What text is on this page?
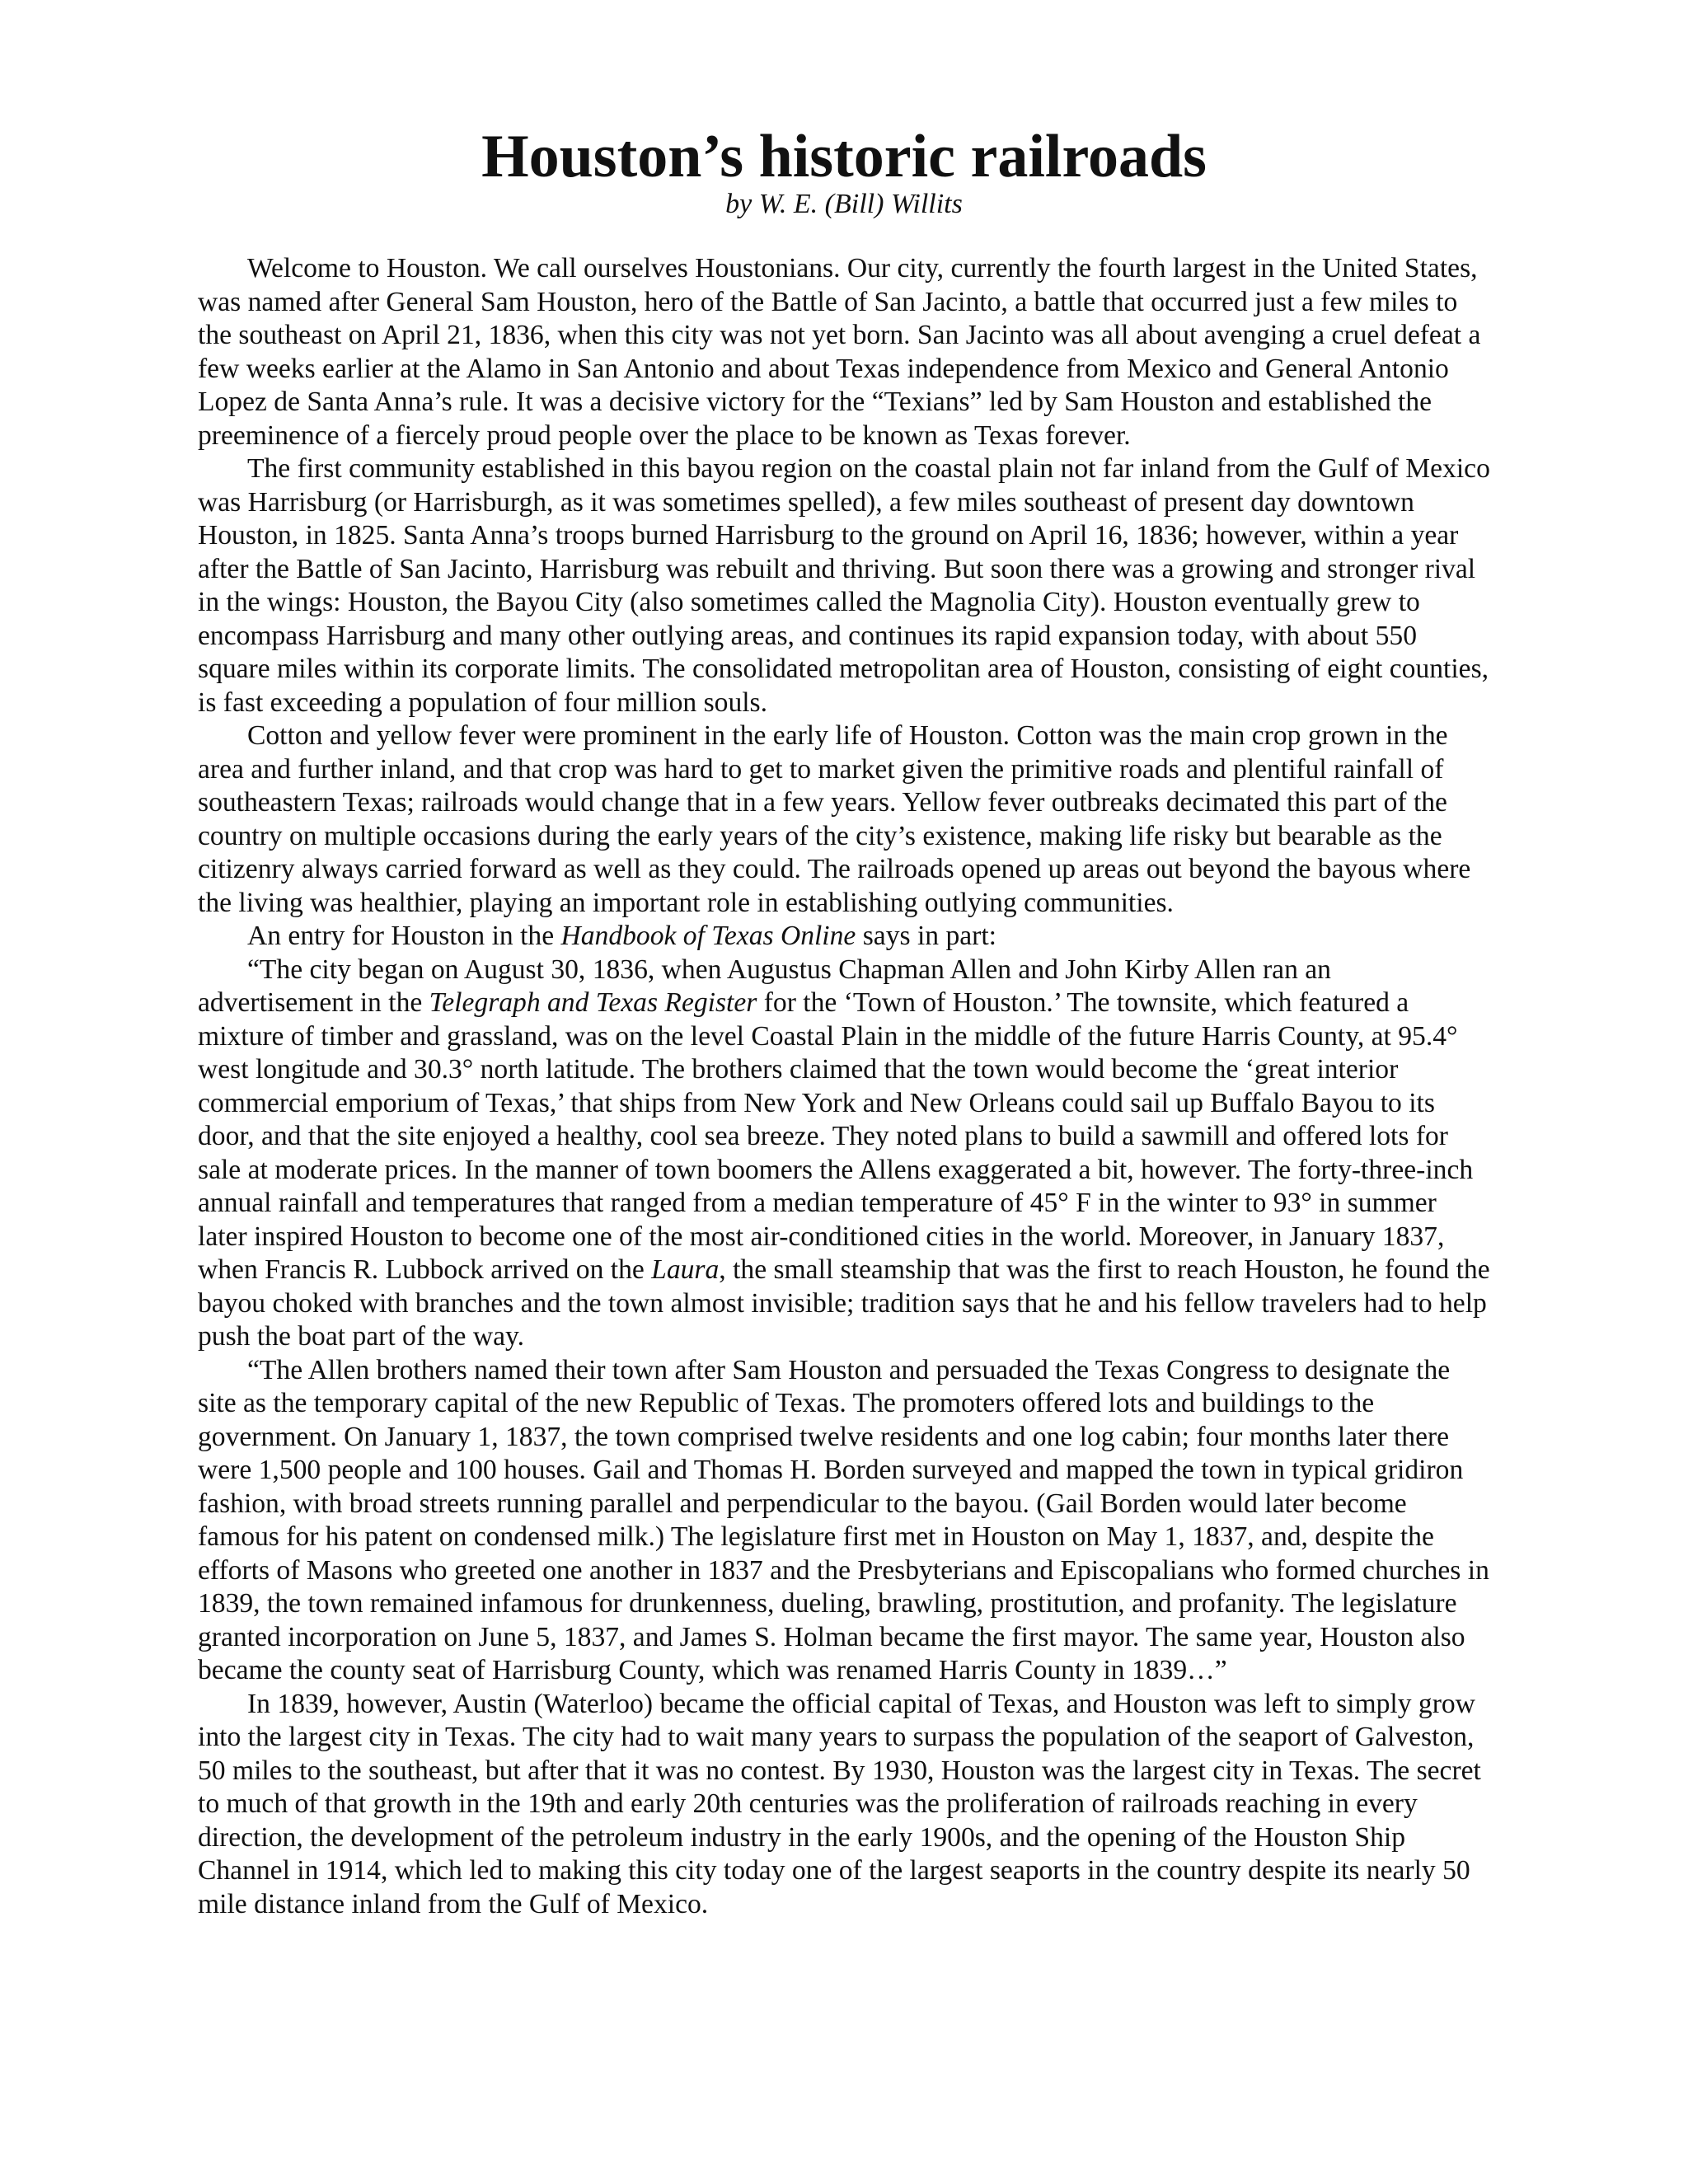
Houston’s historic railroads
by W. E. (Bill) Willits

Welcome to Houston. We call ourselves Houstonians. Our city, currently the fourth largest in the United States, was named after General Sam Houston, hero of the Battle of San Jacinto, a battle that occurred just a few miles to the southeast on April 21, 1836, when this city was not yet born. San Jacinto was all about avenging a cruel defeat a few weeks earlier at the Alamo in San Antonio and about Texas independence from Mexico and General Antonio Lopez de Santa Anna’s rule. It was a decisive victory for the “Texians” led by Sam Houston and established the preeminence of a fiercely proud people over the place to be known as Texas forever.

The first community established in this bayou region on the coastal plain not far inland from the Gulf of Mexico was Harrisburg (or Harrisburgh, as it was sometimes spelled), a few miles southeast of present day downtown Houston, in 1825. Santa Anna’s troops burned Harrisburg to the ground on April 16, 1836; however, within a year after the Battle of San Jacinto, Harrisburg was rebuilt and thriving. But soon there was a growing and stronger rival in the wings: Houston, the Bayou City (also sometimes called the Magnolia City). Houston eventually grew to encompass Harrisburg and many other outlying areas, and continues its rapid expansion today, with about 550 square miles within its corporate limits. The consolidated metropolitan area of Houston, consisting of eight counties, is fast exceeding a population of four million souls.

Cotton and yellow fever were prominent in the early life of Houston. Cotton was the main crop grown in the area and further inland, and that crop was hard to get to market given the primitive roads and plentiful rainfall of southeastern Texas; railroads would change that in a few years. Yellow fever outbreaks decimated this part of the country on multiple occasions during the early years of the city’s existence, making life risky but bearable as the citizenry always carried forward as well as they could. The railroads opened up areas out beyond the bayous where the living was healthier, playing an important role in establishing outlying communities.

An entry for Houston in the Handbook of Texas Online says in part:

“The city began on August 30, 1836, when Augustus Chapman Allen and John Kirby Allen ran an advertisement in the Telegraph and Texas Register for the ‘Town of Houston.’ The townsite, which featured a mixture of timber and grassland, was on the level Coastal Plain in the middle of the future Harris County, at 95.4° west longitude and 30.3° north latitude. The brothers claimed that the town would become the ‘great interior commercial emporium of Texas,’ that ships from New York and New Orleans could sail up Buffalo Bayou to its door, and that the site enjoyed a healthy, cool sea breeze. They noted plans to build a sawmill and offered lots for sale at moderate prices. In the manner of town boomers the Allens exaggerated a bit, however. The forty-three-inch annual rainfall and temperatures that ranged from a median temperature of 45° F in the winter to 93° in summer later inspired Houston to become one of the most air-conditioned cities in the world. Moreover, in January 1837, when Francis R. Lubbock arrived on the Laura, the small steamship that was the first to reach Houston, he found the bayou choked with branches and the town almost invisible; tradition says that he and his fellow travelers had to help push the boat part of the way.

“The Allen brothers named their town after Sam Houston and persuaded the Texas Congress to designate the site as the temporary capital of the new Republic of Texas. The promoters offered lots and buildings to the government. On January 1, 1837, the town comprised twelve residents and one log cabin; four months later there were 1,500 people and 100 houses. Gail and Thomas H. Borden surveyed and mapped the town in typical gridiron fashion, with broad streets running parallel and perpendicular to the bayou. (Gail Borden would later become famous for his patent on condensed milk.) The legislature first met in Houston on May 1, 1837, and, despite the efforts of Masons who greeted one another in 1837 and the Presbyterians and Episcopalians who formed churches in 1839, the town remained infamous for drunkenness, dueling, brawling, prostitution, and profanity. The legislature granted incorporation on June 5, 1837, and James S. Holman became the first mayor. The same year, Houston also became the county seat of Harrisburg County, which was renamed Harris County in 1839…”

In 1839, however, Austin (Waterloo) became the official capital of Texas, and Houston was left to simply grow into the largest city in Texas. The city had to wait many years to surpass the population of the seaport of Galveston, 50 miles to the southeast, but after that it was no contest. By 1930, Houston was the largest city in Texas. The secret to much of that growth in the 19th and early 20th centuries was the proliferation of railroads reaching in every direction, the development of the petroleum industry in the early 1900s, and the opening of the Houston Ship Channel in 1914, which led to making this city today one of the largest seaports in the country despite its nearly 50 mile distance inland from the Gulf of Mexico.
